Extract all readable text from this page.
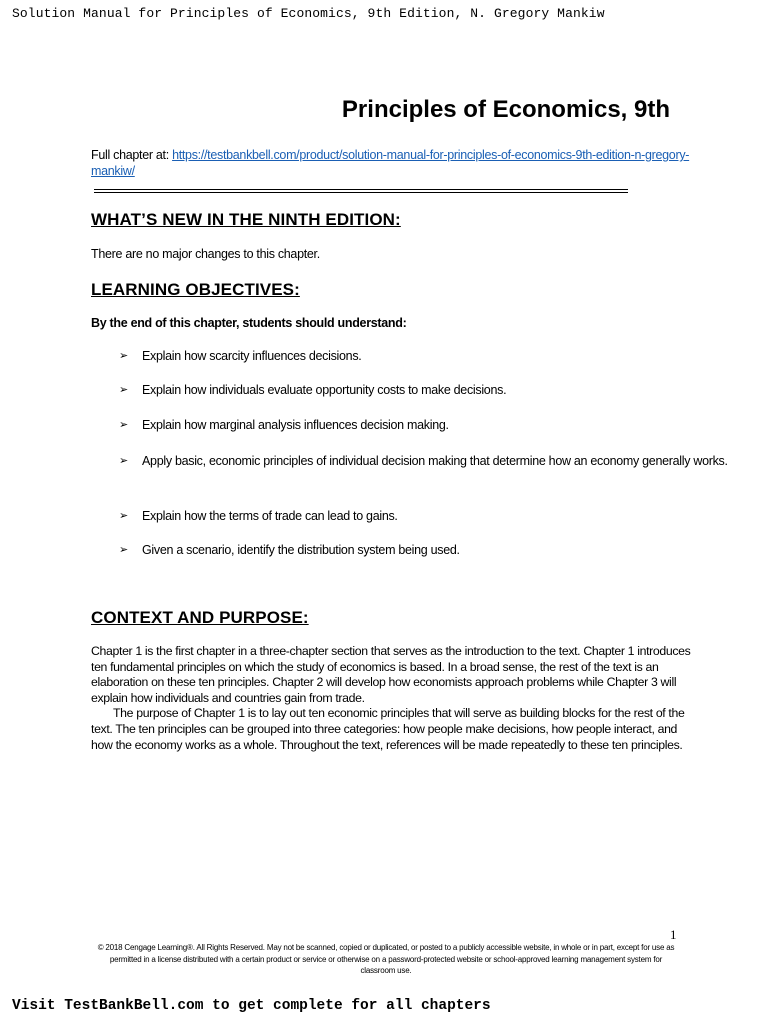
Solution Manual for Principles of Economics, 9th Edition, N. Gregory Mankiw
Principles of Economics, 9th
Full chapter at: https://testbankbell.com/product/solution-manual-for-principles-of-economics-9th-edition-n-gregory-mankiw/
WHAT’S NEW IN THE NINTH EDITION:
There are no major changes to this chapter.
LEARNING OBJECTIVES:
By the end of this chapter, students should understand:
➢ Explain how scarcity influences decisions.
➢ Explain how individuals evaluate opportunity costs to make decisions.
➢ Explain how marginal analysis influences decision making.
➢ Apply basic, economic principles of individual decision making that determine how an economy generally works.
➢ Explain how the terms of trade can lead to gains.
➢ Given a scenario, identify the distribution system being used.
CONTEXT AND PURPOSE:

Chapter 1 is the first chapter in a three-chapter section that serves as the introduction to the text. Chapter 1 introduces ten fundamental principles on which the study of economics is based. In a broad sense, the rest of the text is an elaboration on these ten principles. Chapter 2 will develop how economists approach problems while Chapter 3 will explain how individuals and countries gain from trade.

The purpose of Chapter 1 is to lay out ten economic principles that will serve as building blocks for the rest of the text. The ten principles can be grouped into three categories: how people make decisions, how people interact, and how the economy works as a whole. Throughout the text, references will be made repeatedly to these ten principles.

1
© 2018 Cengage Learning®. All Rights Reserved. May not be scanned, copied or duplicated, or posted to a publicly accessible website, in whole or in part, except for use as permitted in a license distributed with a certain product or service or otherwise on a password-protected website or school-approved learning management system for classroom use.
Visit TestBankBell.com to get complete for all chapters
